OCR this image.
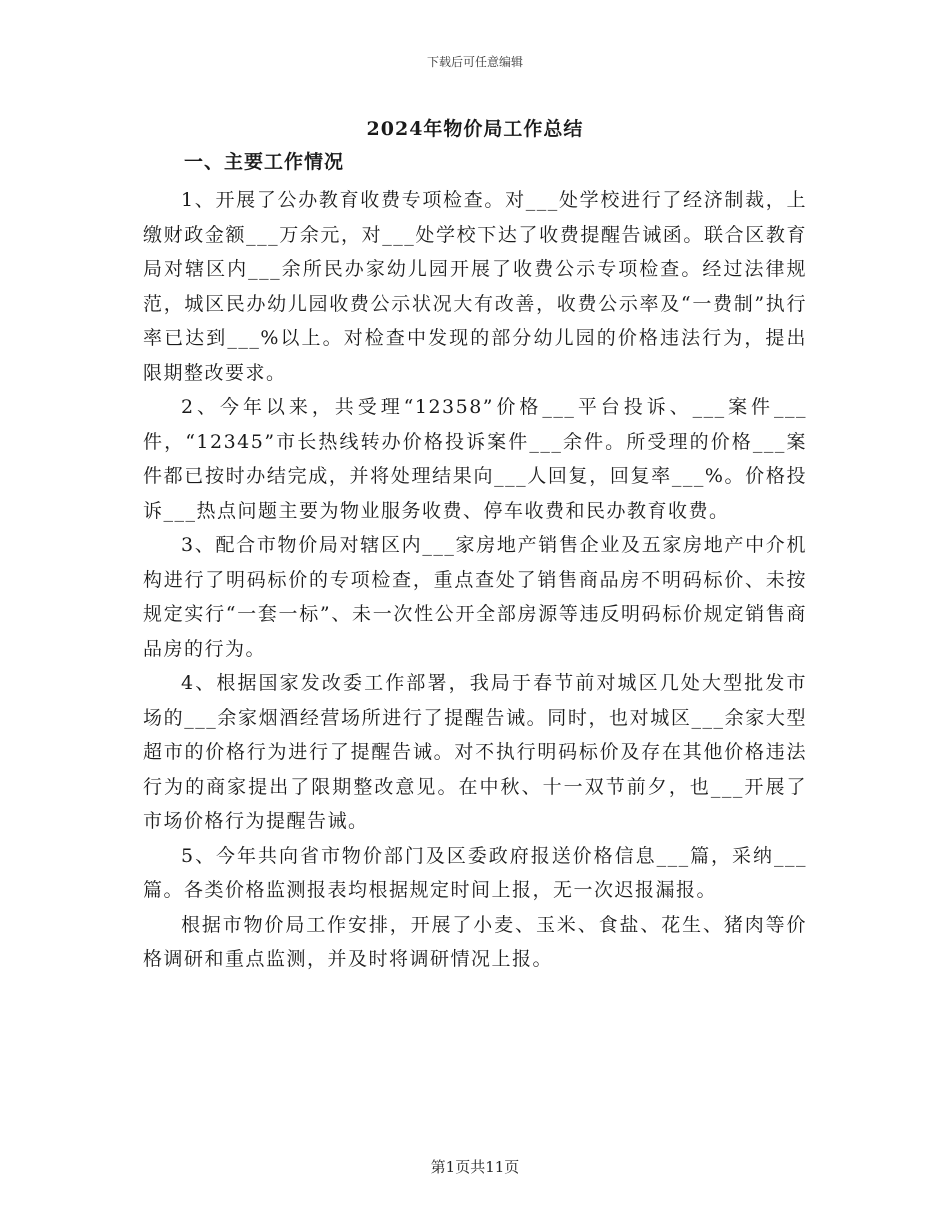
下载后可任意编辑
2024年物价局工作总结
一、主要工作情况

1、开展了公办教育收费专项检查。对___处学校进行了经济制裁，上缴财政金额___万余元，对___处学校下达了收费提醒告诫函。联合区教育局对辖区内___余所民办家幼儿园开展了收费公示专项检查。经过法律规范，城区民办幼儿园收费公示状况大有改善，收费公示率及“一费制”执行率已达到___%以上。对检查中发现的部分幼儿园的价格违法行为，提出限期整改要求。

2、今年以来，共受理“12358”价格___平台投诉、___案件___件，“12345”市长热线转办价格投诉案件___余件。所受理的价格___案件都已按时办结完成，并将处理结果向___人回复，回复率___%。价格投诉___热点问题主要为物业服务收费、停车收费和民办教育收费。

3、配合市物价局对辖区内___家房地产销售企业及五家房地产中介机构进行了明码标价的专项检查，重点查处了销售商品房不明码标价、未按规定实行“一套一标”、未一次性公开全部房源等违反明码标价规定销售商品房的行为。

4、根据国家发改委工作部署，我局于春节前对城区几处大型批发市场的___余家烟酒经营场所进行了提醒告诫。同时，也对城区___余家大型超市的价格行为进行了提醒告诫。对不执行明码标价及存在其他价格违法行为的商家提出了限期整改意见。在中秋、十一双节前夕，也___开展了市场价格行为提醒告诫。

5、今年共向省市物价部门及区委政府报送价格信息___篇，采纳___篇。各类价格监测报表均根据规定时间上报，无一次迟报漏报。

根据市物价局工作安排，开展了小麦、玉米、食盐、花生、猪肉等价格调研和重点监测，并及时将调研情况上报。

第1页共11页
